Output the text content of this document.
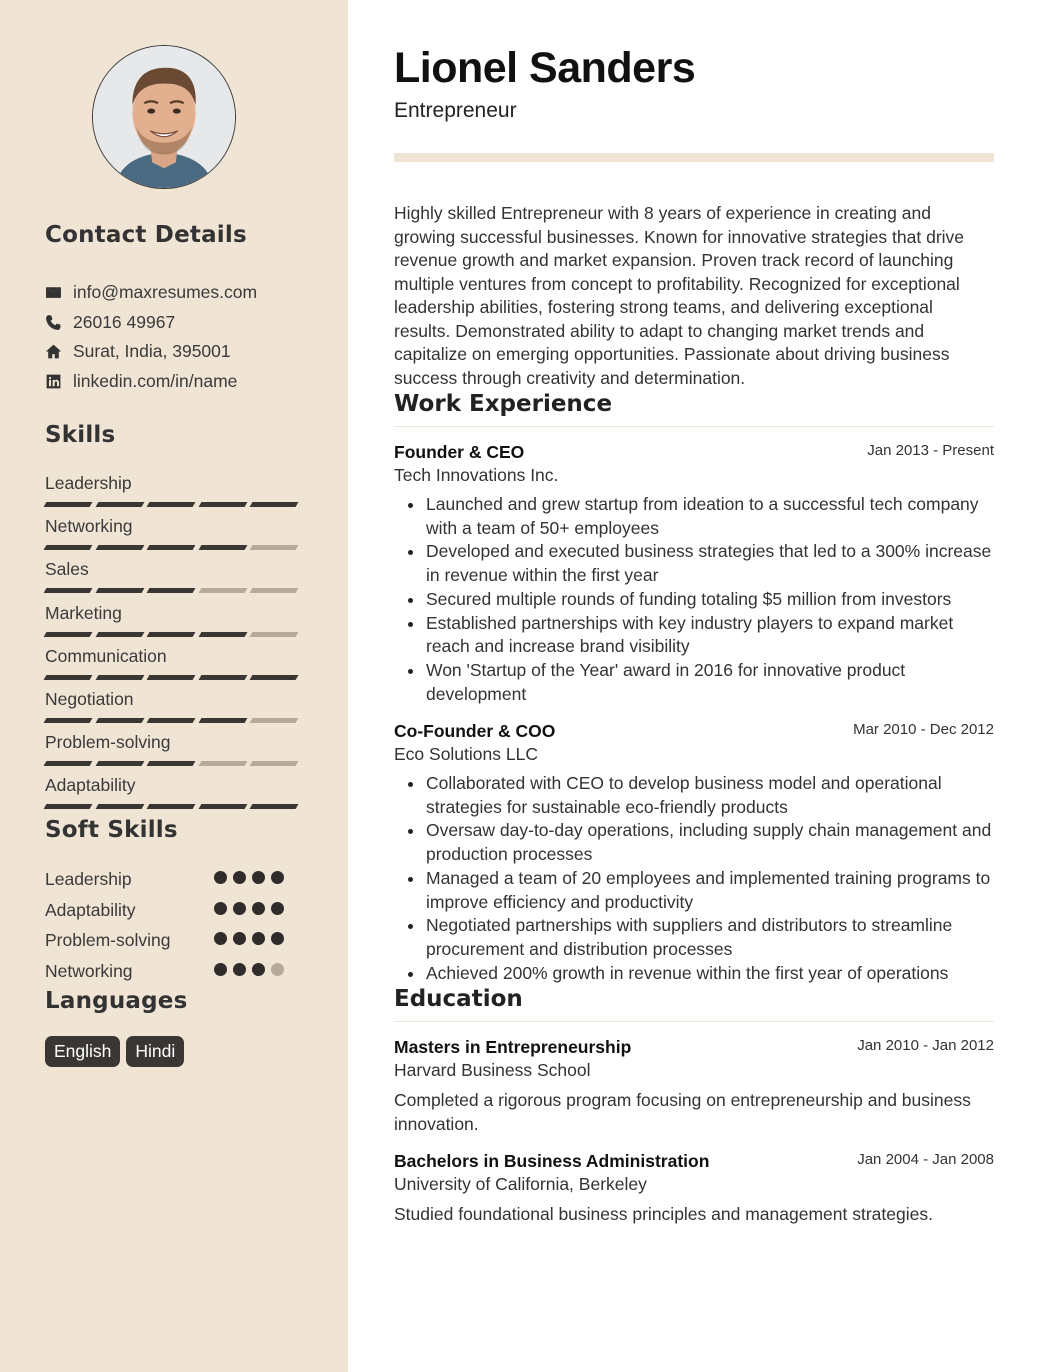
Contact Details
info@maxresumes.com
26016 49967
Surat, India, 395001
linkedin.com/in/name
Skills
Leadership
Networking
Sales
Marketing
Communication
Negotiation
Problem-solving
Adaptability
Soft Skills
Leadership
Adaptability
Problem-solving
Networking
Languages
English	Hindi
Lionel Sanders
Entrepreneur
Highly skilled Entrepreneur with 8 years of experience in creating and growing successful businesses. Known for innovative strategies that drive revenue growth and market expansion. Proven track record of launching multiple ventures from concept to profitability. Recognized for exceptional leadership abilities, fostering strong teams, and delivering exceptional results. Demonstrated ability to adapt to changing market trends and capitalize on emerging opportunities. Passionate about driving business success through creativity and determination.
Work Experience
Founder & CEO	Jan 2013 - Present
Tech Innovations Inc.
Launched and grew startup from ideation to a successful tech company with a team of 50+ employees
Developed and executed business strategies that led to a 300% increase in revenue within the first year
Secured multiple rounds of funding totaling $5 million from investors
Established partnerships with key industry players to expand market reach and increase brand visibility
Won 'Startup of the Year' award in 2016 for innovative product development
Co-Founder & COO	Mar 2010 - Dec 2012
Eco Solutions LLC
Collaborated with CEO to develop business model and operational strategies for sustainable eco-friendly products
Oversaw day-to-day operations, including supply chain management and production processes
Managed a team of 20 employees and implemented training programs to improve efficiency and productivity
Negotiated partnerships with suppliers and distributors to streamline procurement and distribution processes
Achieved 200% growth in revenue within the first year of operations
Education
Masters in Entrepreneurship	Jan 2010 - Jan 2012
Harvard Business School
Completed a rigorous program focusing on entrepreneurship and business innovation.
Bachelors in Business Administration	Jan 2004 - Jan 2008
University of California, Berkeley
Studied foundational business principles and management strategies.
